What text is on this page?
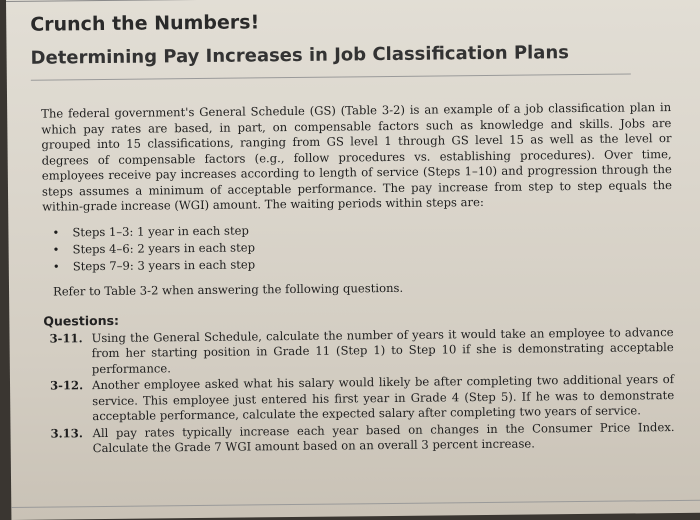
Crunch the Numbers!
Determining Pay Increases in Job Classification Plans

The federal government's General Schedule (GS) (Table 3-2) is an example of a job classification plan in which pay rates are based, in part, on compensable factors such as knowledge and skills. Jobs are grouped into 15 classifications, ranging from GS level 1 through GS level 15 as well as the level or degrees of compensable factors (e.g., follow procedures vs. establishing procedures). Over time, employees receive pay increases according to length of service (Steps 1–10) and progression through the steps assumes a minimum of acceptable performance. The pay increase from step to step equals the within-grade increase (WGI) amount. The waiting periods within steps are:

• Steps 1–3: 1 year in each step
• Steps 4–6: 2 years in each step
• Steps 7–9: 3 years in each step

Refer to Table 3-2 when answering the following questions.

Questions:
3-11. Using the General Schedule, calculate the number of years it would take an employee to advance from her starting position in Grade 11 (Step 1) to Step 10 if she is demonstrating acceptable performance.
3-12. Another employee asked what his salary would likely be after completing two additional years of service. This employee just entered his first year in Grade 4 (Step 5). If he was to demonstrate acceptable performance, calculate the expected salary after completing two years of service.
3.13. All pay rates typically increase each year based on changes in the Consumer Price Index. Calculate the Grade 7 WGI amount based on an overall 3 percent increase.
